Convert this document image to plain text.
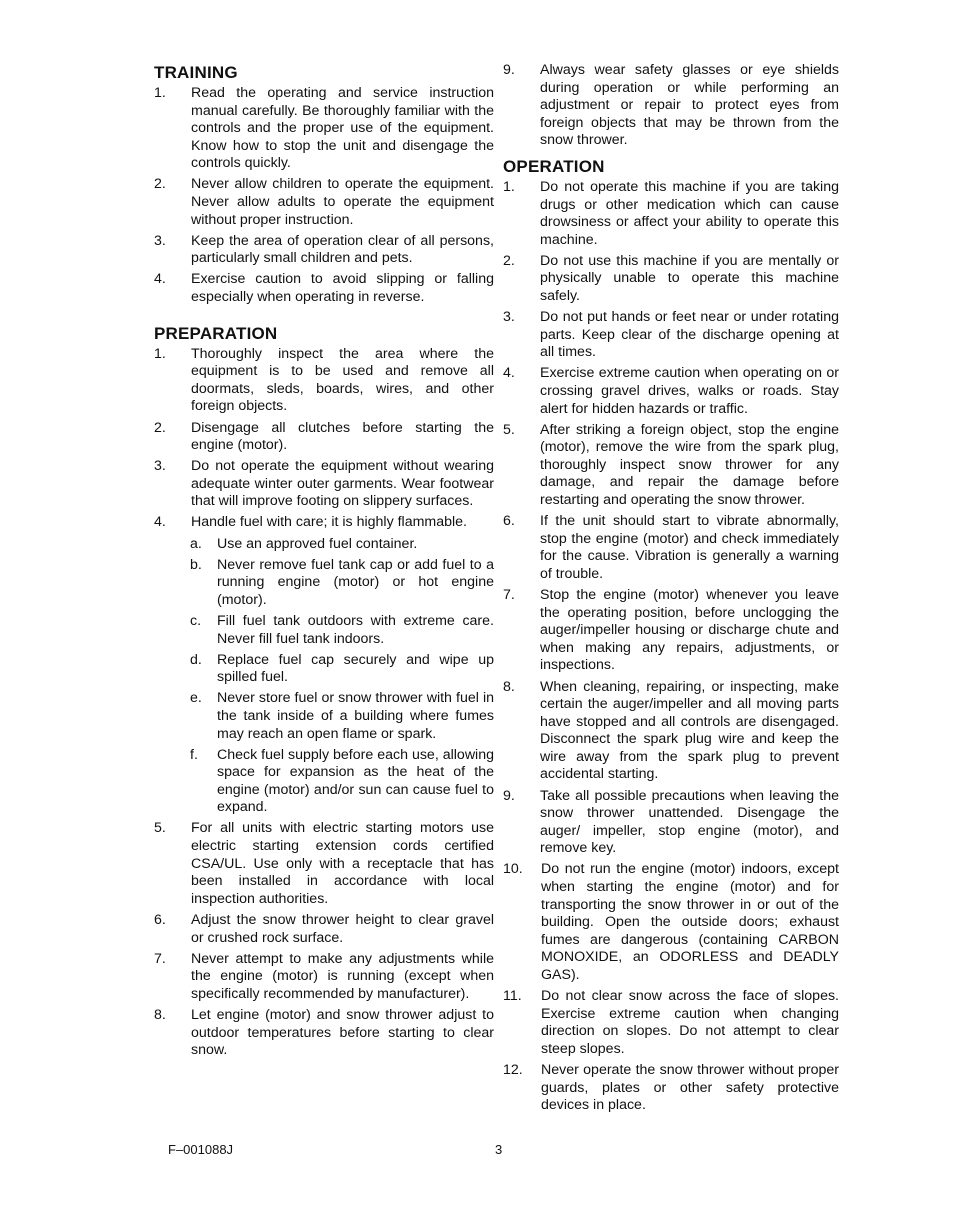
TRAINING
1. Read the operating and service instruction manual carefully. Be thoroughly familiar with the controls and the proper use of the equipment. Know how to stop the unit and disengage the controls quickly.
2. Never allow children to operate the equipment. Never allow adults to operate the equipment without proper instruction.
3. Keep the area of operation clear of all persons, particularly small children and pets.
4. Exercise caution to avoid slipping or falling especially when operating in reverse.
PREPARATION
1. Thoroughly inspect the area where the equipment is to be used and remove all doormats, sleds, boards, wires, and other foreign objects.
2. Disengage all clutches before starting the engine (motor).
3. Do not operate the equipment without wearing adequate winter outer garments. Wear footwear that will improve footing on slippery surfaces.
4. Handle fuel with care; it is highly flammable.
a. Use an approved fuel container.
b. Never remove fuel tank cap or add fuel to a running engine (motor) or hot engine (motor).
c. Fill fuel tank outdoors with extreme care. Never fill fuel tank indoors.
d. Replace fuel cap securely and wipe up spilled fuel.
e. Never store fuel or snow thrower with fuel in the tank inside of a building where fumes may reach an open flame or spark.
f. Check fuel supply before each use, allowing space for expansion as the heat of the engine (motor) and/or sun can cause fuel to expand.
5. For all units with electric starting motors use electric starting extension cords certified CSA/UL. Use only with a receptacle that has been installed in accordance with local inspection authorities.
6. Adjust the snow thrower height to clear gravel or crushed rock surface.
7. Never attempt to make any adjustments while the engine (motor) is running (except when specifically recommended by manufacturer).
8. Let engine (motor) and snow thrower adjust to outdoor temperatures before starting to clear snow.
9. Always wear safety glasses or eye shields during operation or while performing an adjustment or repair to protect eyes from foreign objects that may be thrown from the snow thrower.
OPERATION
1. Do not operate this machine if you are taking drugs or other medication which can cause drowsiness or affect your ability to operate this machine.
2. Do not use this machine if you are mentally or physically unable to operate this machine safely.
3. Do not put hands or feet near or under rotating parts. Keep clear of the discharge opening at all times.
4. Exercise extreme caution when operating on or crossing gravel drives, walks or roads. Stay alert for hidden hazards or traffic.
5. After striking a foreign object, stop the engine (motor), remove the wire from the spark plug, thoroughly inspect snow thrower for any damage, and repair the damage before restarting and operating the snow thrower.
6. If the unit should start to vibrate abnormally, stop the engine (motor) and check immediately for the cause. Vibration is generally a warning of trouble.
7. Stop the engine (motor) whenever you leave the operating position, before unclogging the auger/impeller housing or discharge chute and when making any repairs, adjustments, or inspections.
8. When cleaning, repairing, or inspecting, make certain the auger/impeller and all moving parts have stopped and all controls are disengaged. Disconnect the spark plug wire and keep the wire away from the spark plug to prevent accidental starting.
9. Take all possible precautions when leaving the snow thrower unattended. Disengage the auger/ impeller, stop engine (motor), and remove key.
10. Do not run the engine (motor) indoors, except when starting the engine (motor) and for transporting the snow thrower in or out of the building. Open the outside doors; exhaust fumes are dangerous (containing CARBON MONOXIDE, an ODORLESS and DEADLY GAS).
11. Do not clear snow across the face of slopes. Exercise extreme caution when changing direction on slopes. Do not attempt to clear steep slopes.
12. Never operate the snow thrower without proper guards, plates or other safety protective devices in place.
F–001088J	3
